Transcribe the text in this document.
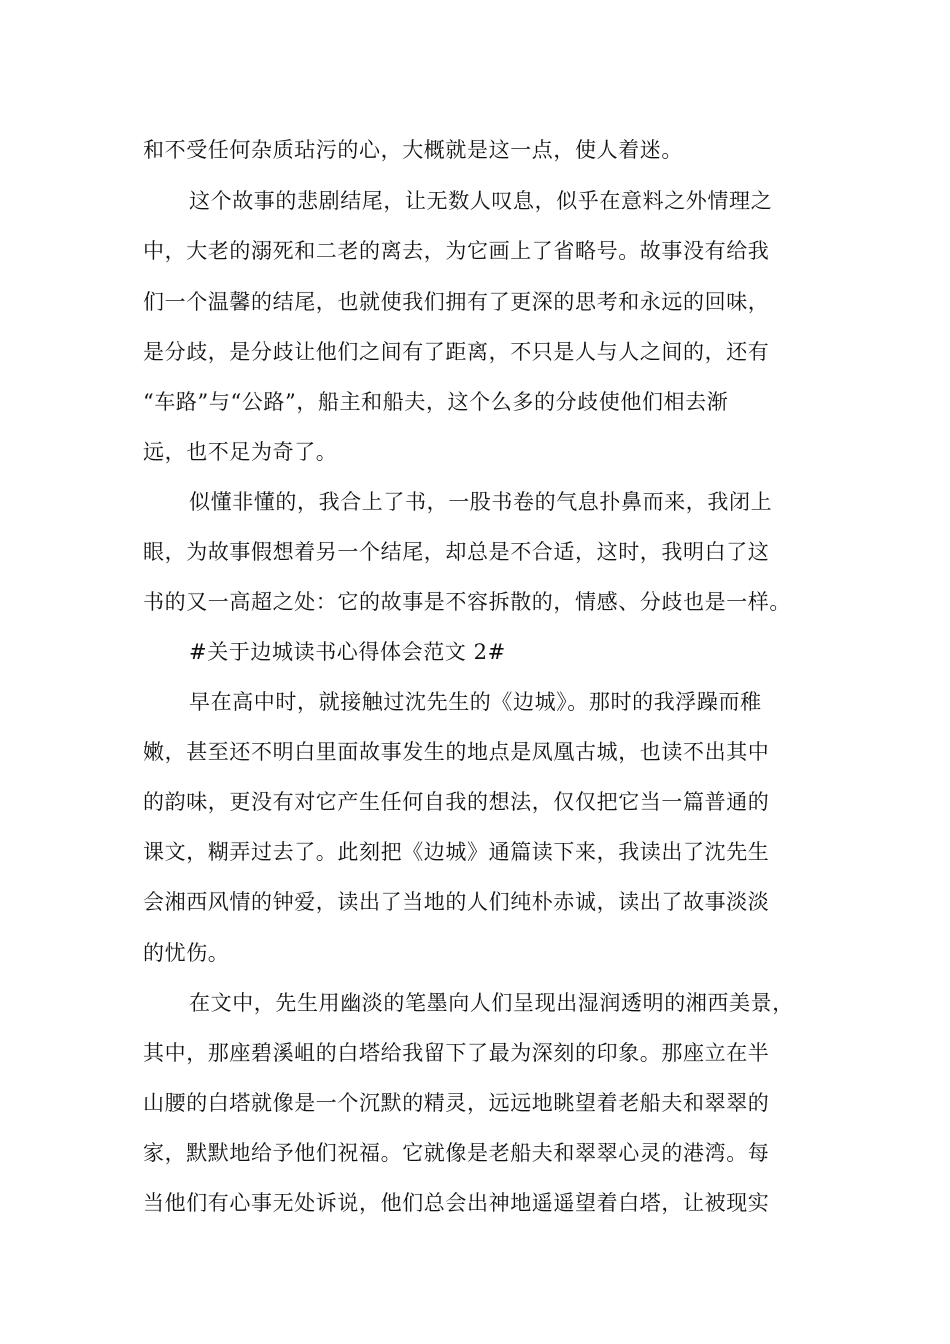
和不受任何杂质玷污的心，大概就是这一点，使人着迷。

这个故事的悲剧结尾，让无数人叹息，似乎在意料之外情理之

中，大老的溺死和二老的离去，为它画上了省略号。故事没有给我

们一个温馨的结尾，也就使我们拥有了更深的思考和永远的回味，

是分歧，是分歧让他们之间有了距离，不只是人与人之间的，还有

“车路”与“公路”，船主和船夫，这个么多的分歧使他们相去渐

远，也不足为奇了。

似懂非懂的，我合上了书，一股书卷的气息扑鼻而来，我闭上

眼，为故事假想着另一个结尾，却总是不合适，这时，我明白了这

书的又一高超之处：它的故事是不容拆散的，情感、分歧也是一样。

#关于边城读书心得体会范文 2#

早在高中时，就接触过沈先生的《边城》。那时的我浮躁而稚

嫩，甚至还不明白里面故事发生的地点是凤凰古城，也读不出其中

的韵味，更没有对它产生任何自我的想法，仅仅把它当一篇普通的

课文，糊弄过去了。此刻把《边城》通篇读下来，我读出了沈先生

会湘西风情的钟爱，读出了当地的人们纯朴赤诚，读出了故事淡淡

的忧伤。

在文中，先生用幽淡的笔墨向人们呈现出湿润透明的湘西美景，

其中，那座碧溪岨的白塔给我留下了最为深刻的印象。那座立在半

山腰的白塔就像是一个沉默的精灵，远远地眺望着老船夫和翠翠的

家，默默地给予他们祝福。它就像是老船夫和翠翠心灵的港湾。每

当他们有心事无处诉说，他们总会出神地遥遥望着白塔，让被现实
